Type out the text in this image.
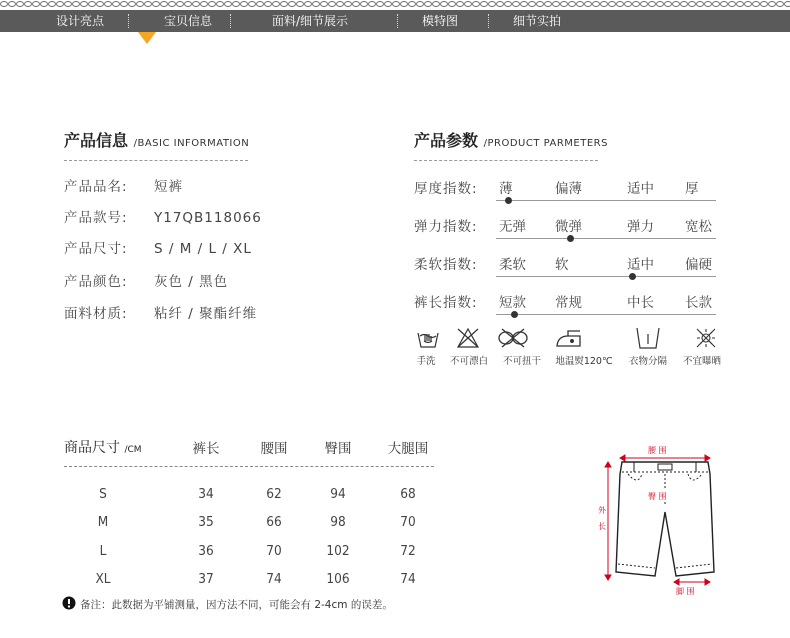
设计亮点	宝贝信息	面料/细节展示	模特图	细节实拍
产品信息 /BASIC INFORMATION
产品品名: 短裤
产品款号: Y17QB118066
产品尺寸: S / M / L / XL
产品颜色: 灰色 / 黑色
面料材质: 粘纤 / 聚酯纤维
产品参数 /PRODUCT PARMETERS
厚度指数: 薄	偏薄	适中 厚
弹力指数: 无弹 微弹	弹力 宽松
柔软指数: 柔软 软	适中 偏硬
裤长指数: 短款 常规	中长 长款
手洗	不可漂白	不可扭干	地温熨120℃	衣物分隔	不宜曝晒
商品尺寸 /CM	裤长	腰围	臀围	大腿围
S	34	62	94	68
M	35	66	98	70
L	36	70	102	72
XL	37	74	106	74
备注：此数据为平铺测量，因方法不同，可能会有 2-4cm 的误差。
腰 围
臀 围
外
长
脚 围
